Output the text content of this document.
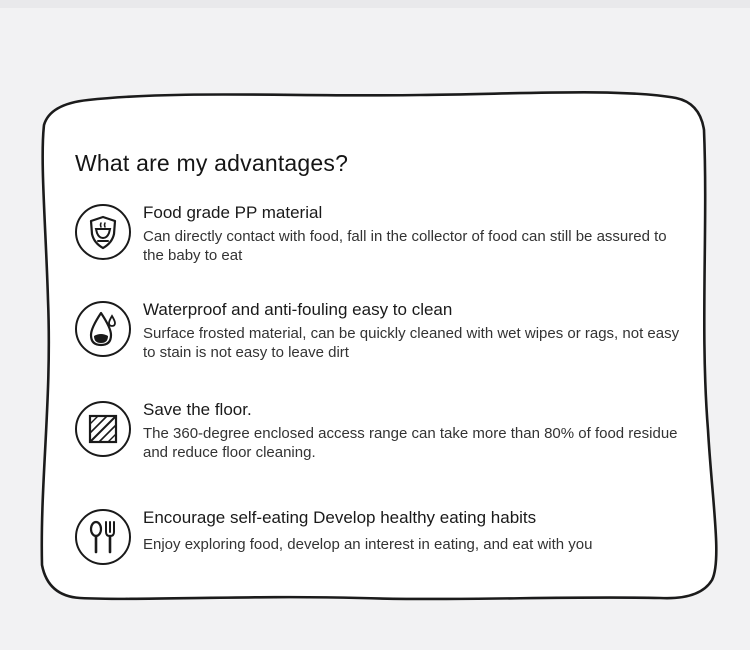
What are my advantages?
Food grade PP material

Can directly contact with food, fall in the collector of food can still be assured to the baby to eat

Waterproof and anti-fouling easy to clean

Surface frosted material, can be quickly cleaned with wet wipes or rags, not easy to stain is not easy to leave dirt

Save the floor.

The 360-degree enclosed access range can take more than 80% of food residue and reduce floor cleaning.

Encourage self-eating Develop healthy eating habits

Enjoy exploring food, develop an interest in eating, and eat with you
